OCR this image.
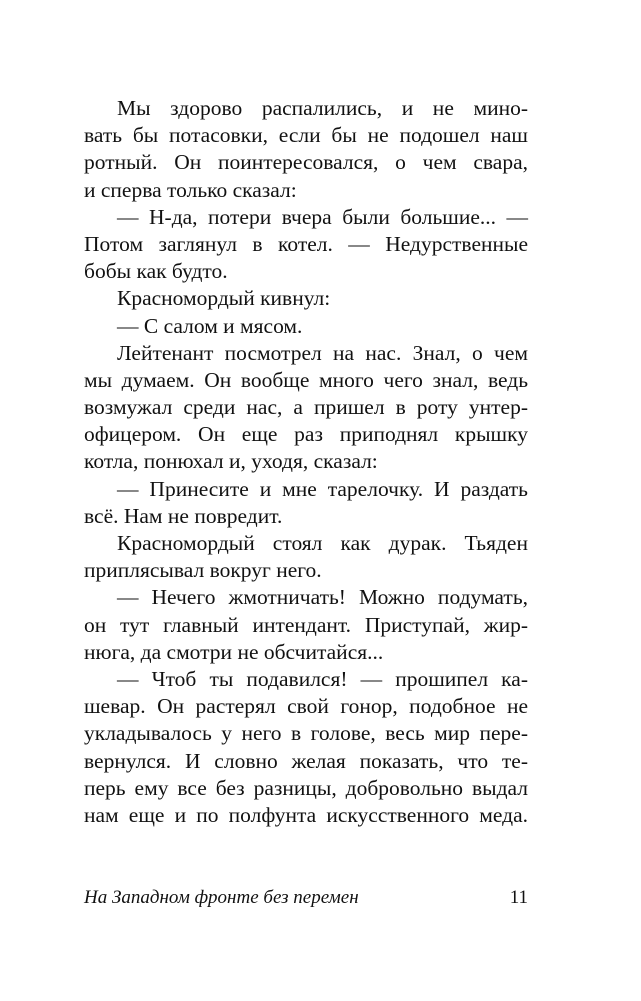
Мы здорово распалились, и не мино-
вать бы потасовки, если бы не подошел наш
ротный. Он поинтересовался, о чем свара,
и сперва только сказал:
— Н-да, потери вчера были большие... —
Потом заглянул в котел. — Недурственные
бобы как будто.
Красномордый кивнул:
— С салом и мясом.
Лейтенант посмотрел на нас. Знал, о чем
мы думаем. Он вообще много чего знал, ведь
возмужал среди нас, а пришел в роту унтер-
офицером. Он еще раз приподнял крышку
котла, понюхал и, уходя, сказал:
— Принесите и мне тарелочку. И раздать
всё. Нам не повредит.
Красномордый стоял как дурак. Тьяден
приплясывал вокруг него.
— Нечего жмотничать! Можно подумать,
он тут главный интендант. Приступай, жир-
нюга, да смотри не обсчитайся...
— Чтоб ты подавился! — прошипел ка-
шевар. Он растерял свой гонор, подобное не
укладывалось у него в голове, весь мир пере-
вернулся. И словно желая показать, что те-
перь ему все без разницы, добровольно выдал
нам еще и по полфунта искусственного меда.
На Западном фронте без перемен	11
